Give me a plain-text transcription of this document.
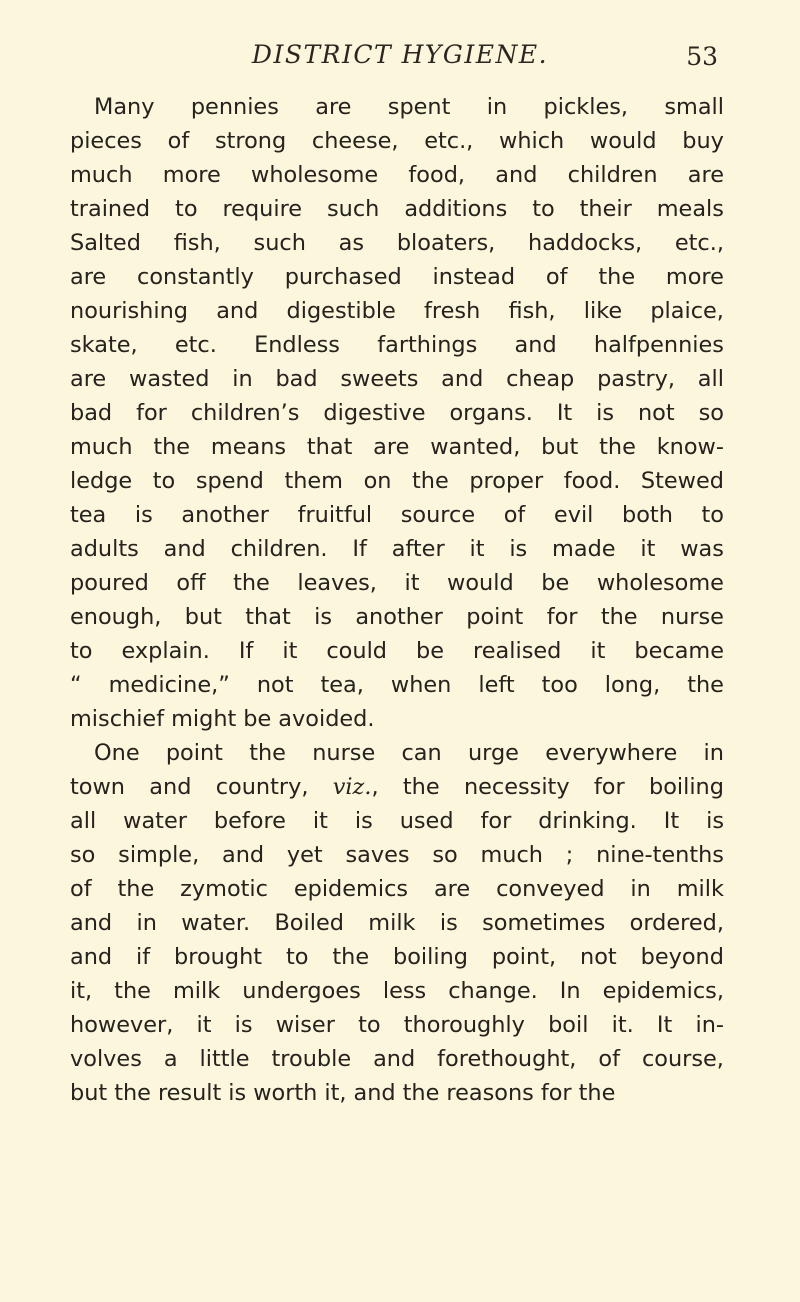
DISTRICT HYGIENE.	53
Many pennies are spent in pickles, small
pieces of strong cheese, etc., which would buy
much more wholesome food, and children are
trained to require such additions to their meals
Salted fish, such as bloaters, haddocks, etc.,
are constantly purchased instead of the more
nourishing and digestible fresh fish, like plaice,
skate, etc. Endless farthings and halfpennies
are wasted in bad sweets and cheap pastry, all
bad for children’s digestive organs. It is not so
much the means that are wanted, but the know-
ledge to spend them on the proper food. Stewed
tea is another fruitful source of evil both to
adults and children. If after it is made it was
poured off the leaves, it would be wholesome
enough, but that is another point for the nurse
to explain. If it could be realised it became
“ medicine,” not tea, when left too long, the
mischief might be avoided.
One point the nurse can urge everywhere in
town and country, viz., the necessity for boiling
all water before it is used for drinking. It is
so simple, and yet saves so much ; nine-tenths
of the zymotic epidemics are conveyed in milk
and in water. Boiled milk is sometimes ordered,
and if brought to the boiling point, not beyond
it, the milk undergoes less change. In epidemics,
however, it is wiser to thoroughly boil it. It in-
volves a little trouble and forethought, of course,
but the result is worth it, and the reasons for the
